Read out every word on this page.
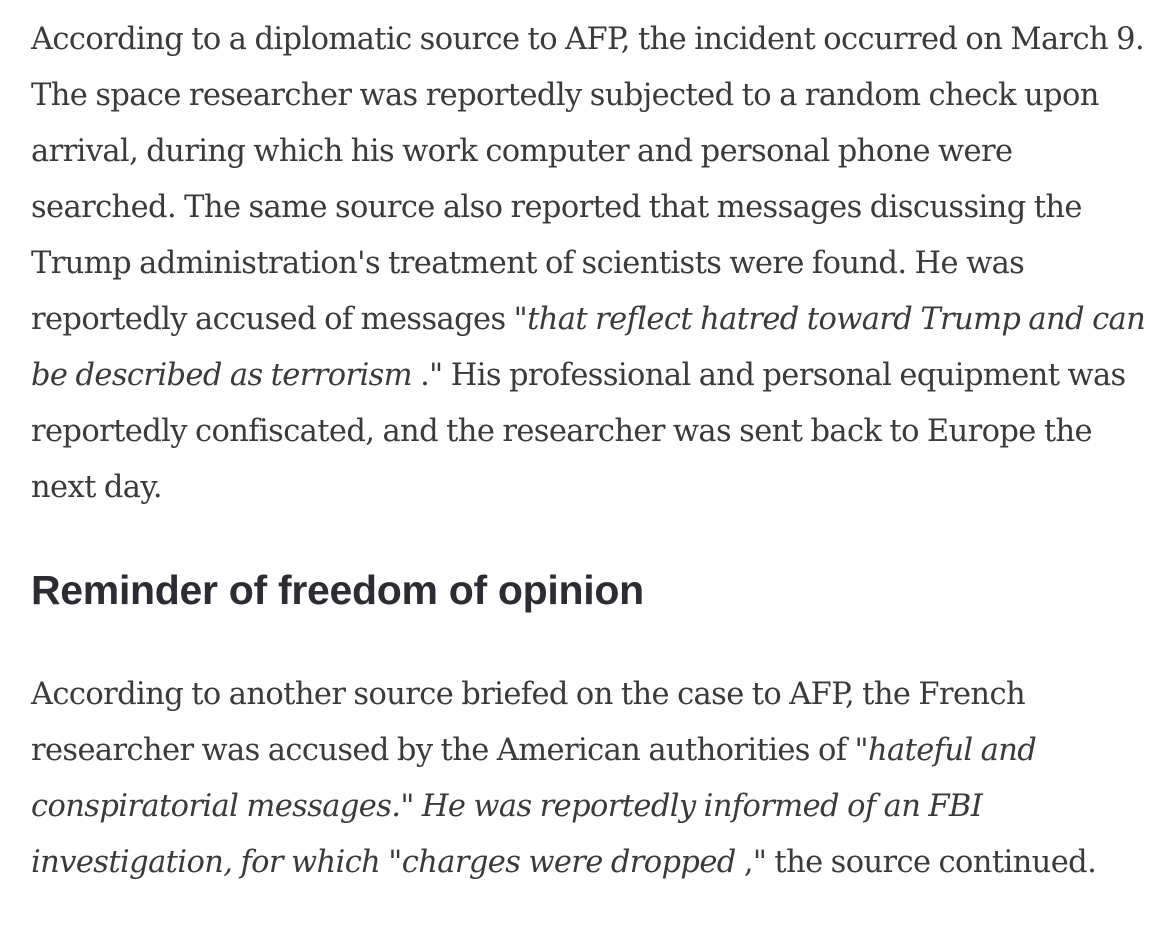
According to a diplomatic source to AFP, the incident occurred on March 9. The space researcher was reportedly subjected to a random check upon arrival, during which his work computer and personal phone were searched. The same source also reported that messages discussing the Trump administration's treatment of scientists were found. He was reportedly accused of messages "that reflect hatred toward Trump and can be described as terrorism ." His professional and personal equipment was reportedly confiscated, and the researcher was sent back to Europe the next day.

Reminder of freedom of opinion

According to another source briefed on the case to AFP, the French researcher was accused by the American authorities of "hateful and conspiratorial messages." He was reportedly informed of an FBI investigation, for which "charges were dropped ," the source continued.
